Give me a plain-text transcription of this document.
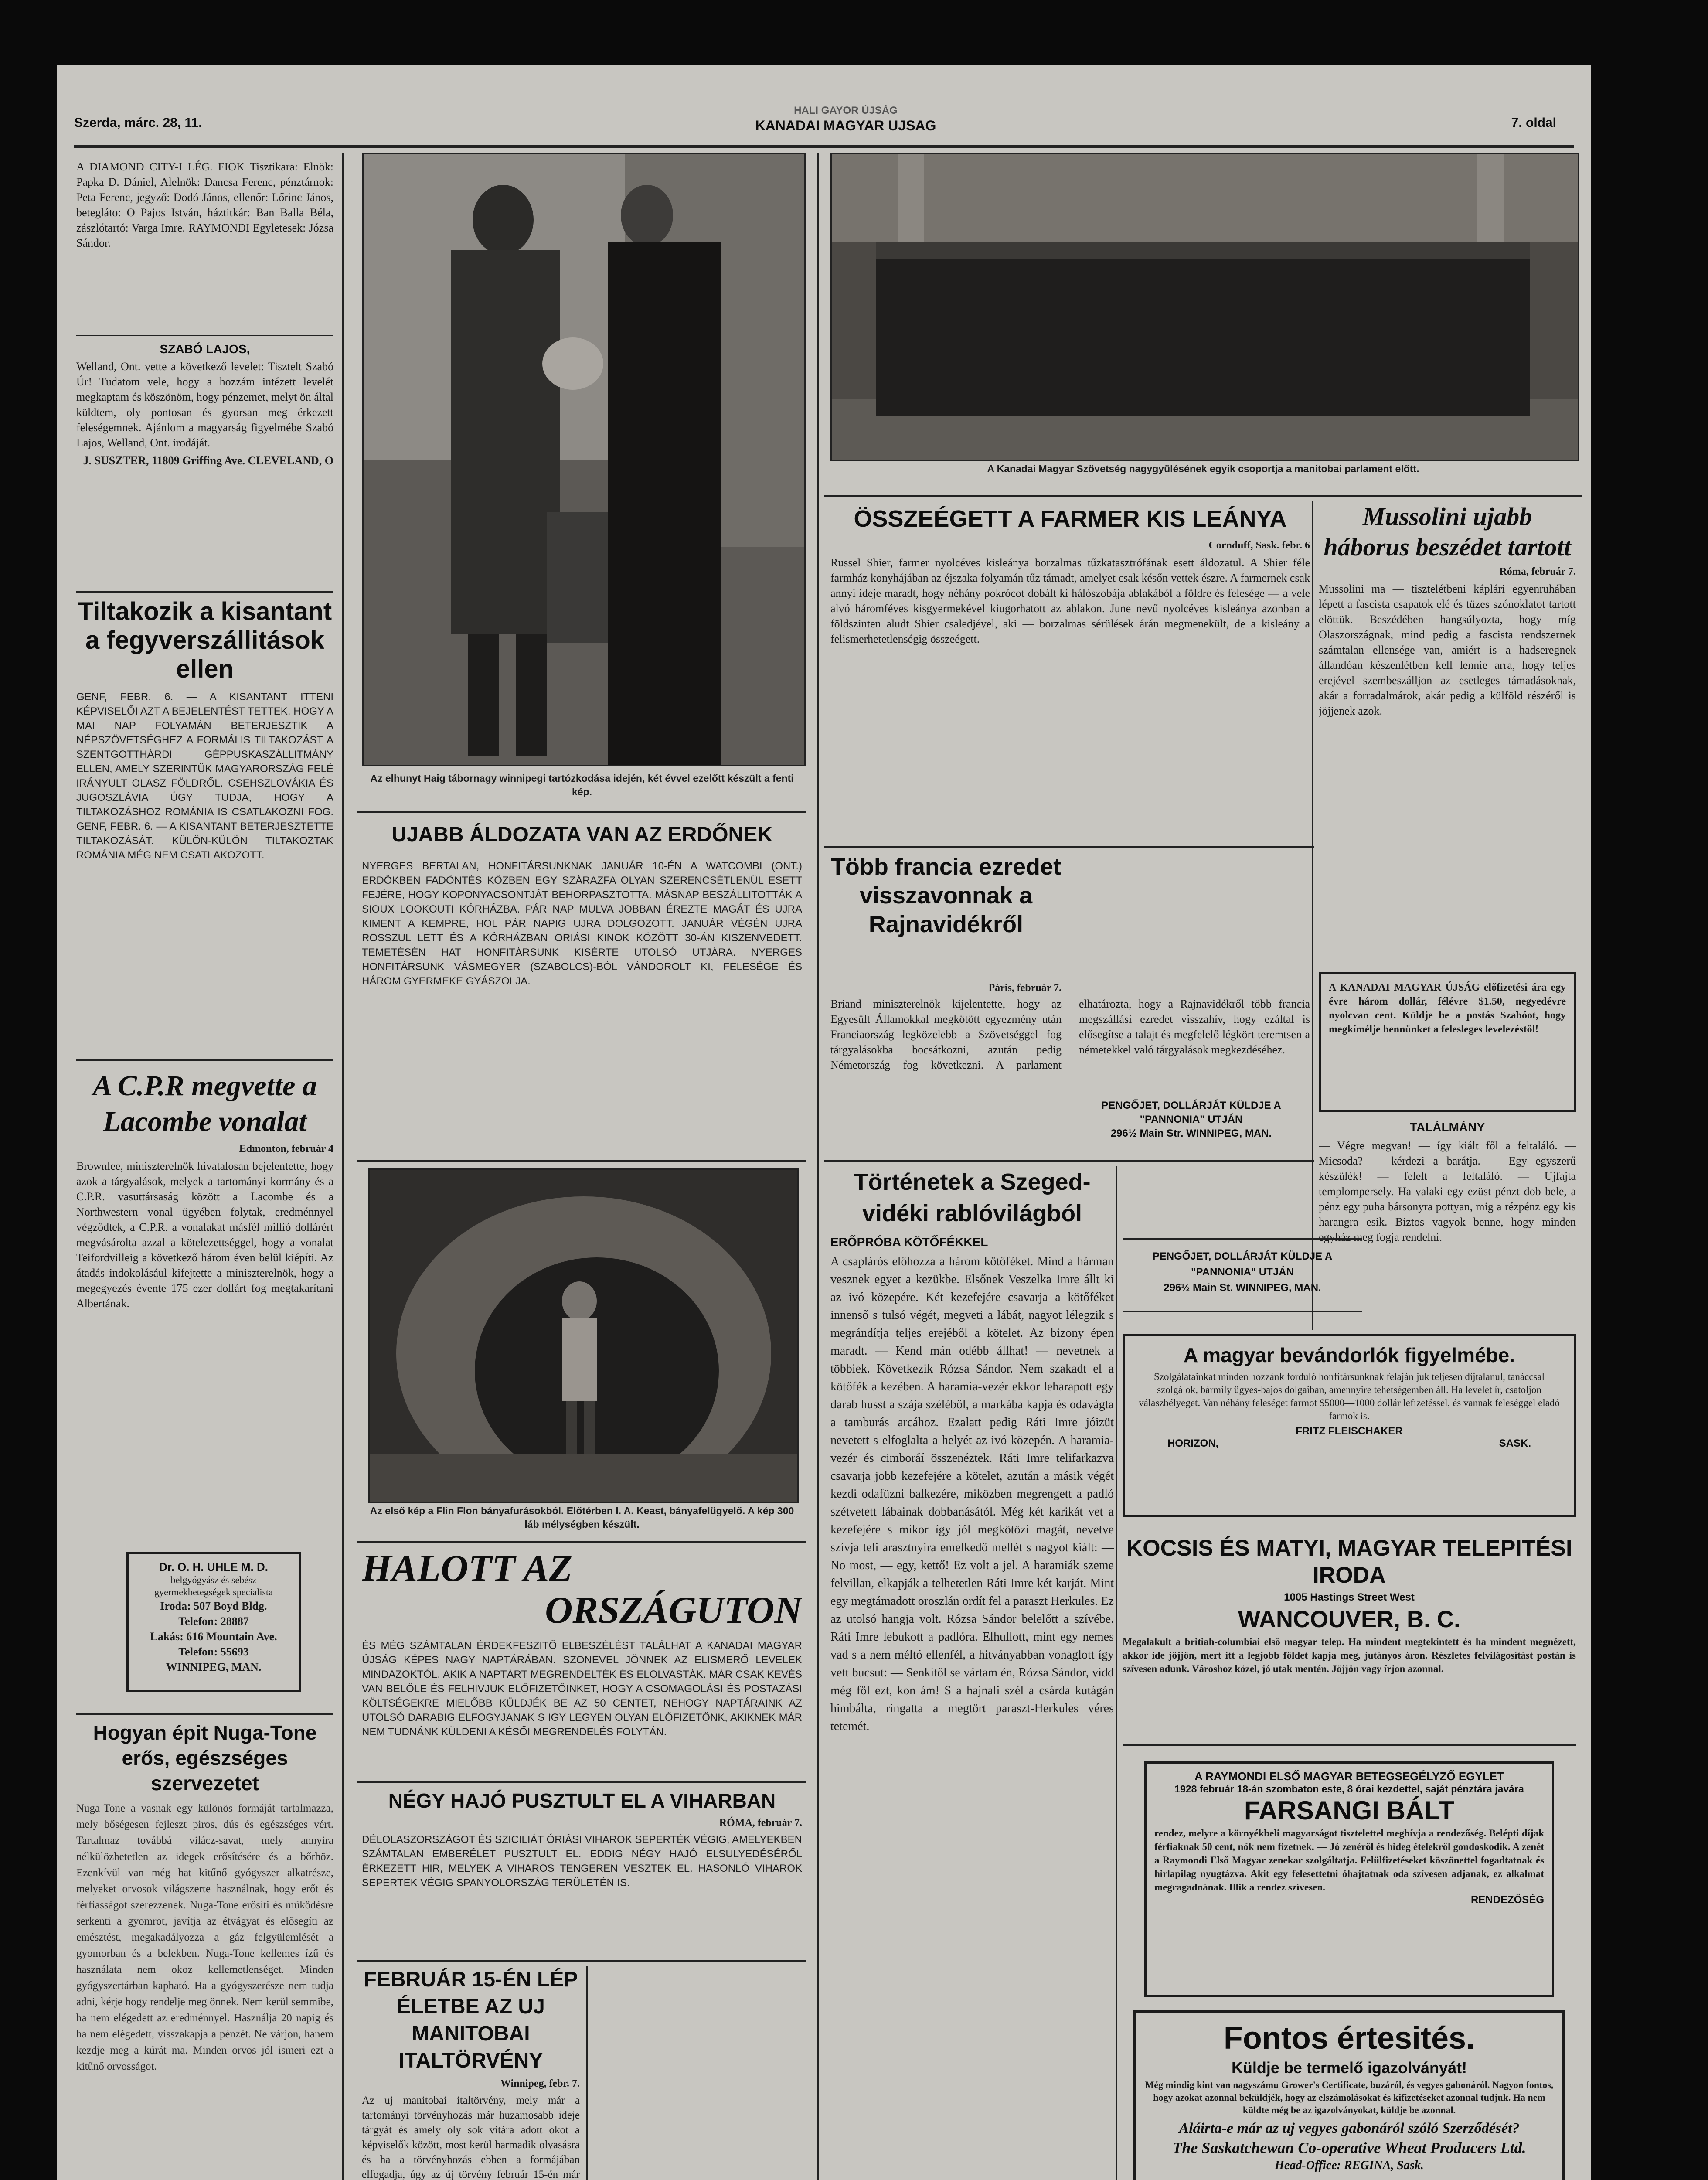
Szerda, márc. 28, 11.
HALI GAYOR ÚJSÁG
KANADAI MAGYAR UJSAG	7. oldal
A DIAMOND CITY-I LÉG. FIOK Tisztikara: Elnök: Papka D. Dániel, Alelnök: Dancsa Ferenc, pénztárnok: Peta Ferenc, jegyző: Dodó János, ellenőr: Lőrinc János, betegláto: O Pajos István, háztitkár: Ban Balla Béla, zászlótartó: Varga Imre. RAYMONDI Egyletesek: Józsa Sándor.
SZABÓ LAJOS,
Welland, Ont. vette a következő levelet: Tisztelt Szabó Úr! Tudatom vele, hogy a hozzám intézett levelét megkaptam és köszönöm, hogy pénzemet, melyt ön által küldtem, oly pontosan és gyorsan meg érkezett feleségemnek. Ajánlom a magyarság figyelmébe Szabó Lajos, Welland, Ont. irodáját.
J. SUSZTER, 11809 Griffing Ave. CLEVELAND, O
Tiltakozik a kisantant a fegyverszállitások ellen
GENF, FEBR. 6. — A KISANTANT ITTENI KÉPVISELŐI AZT A BEJELENTÉST TETTEK, HOGY A MAI NAP FOLYAMÁN BETERJESZTIK A NÉPSZÖVETSÉGHEZ A FORMÁLIS TILTAKOZÁST A SZENTGOTTHÁRDI GÉPPUSKASZÁLLITMÁNY ELLEN, AMELY SZERINTÜK MAGYARORSZÁG FELÉ IRÁNYULT OLASZ FÖLDRŐL. CSEHSZLOVÁKIA ÉS JUGOSZLÁVIA ÚGY TUDJA, HOGY A TILTAKOZÁSHOZ ROMÁNIA IS CSATLAKOZNI FOG. GENF, FEBR. 6. — A KISANTANT BETERJESZTETTE TILTAKOZÁSÁT. KÜLÖN-KÜLÖN TILTAKOZTAK ROMÁNIA MÉG NEM CSATLAKOZOTT.
A C.P.R megvette a Lacombe vonalat
Edmonton, február 4
Brownlee, miniszterelnök hivatalosan bejelentette, hogy azok a tárgyalások, melyek a tartományi kormány és a C.P.R. vasuttársaság között a Lacombe és a Northwestern vonal ügyében folytak, eredménnyel végződtek, a C.P.R. a vonalakat másfél millió dollárért megvásárolta azzal a kötelezettséggel, hogy a vonalat Teifordvilleig a következő három éven belül kiépíti. Az átadás indokolásául kifejtette a miniszterelnök, hogy a megegyezés évente 175 ezer dollárt fog megtakarítani Albertának.
Dr. O. H. UHLE M. D.
belgyógyász és sebész gyermekbetegségek specialista
Iroda: 507 Boyd Bldg.
Telefon: 28887
Lakás: 616 Mountain Ave.
Telefon: 55693
WINNIPEG, MAN.
Hogyan épit Nuga-Tone erős, egészséges szervezetet
Nuga-Tone a vasnak egy különös formáját tartalmazza, mely bőségesen fejleszt piros, dús és egészséges vért. Tartalmaz továbbá vilácz-savat, mely annyira nélkülözhetetlen az idegek erősítésére és a bőrhöz. Ezenkívül van még hat kitűnő gyógyszer alkatrésze, melyeket orvosok világszerte használnak, hogy erőt és férfiasságot szerezzenek. Nuga-Tone erősíti és működésre serkenti a gyomrot, javítja az étvágyat és elősegíti az emésztést, megakadályozza a gáz felgyülemlését a gyomorban és a belekben. Nuga-Tone kellemes ízű és használata nem okoz kellemetlenséget. Minden gyógyszertárban kapható. Ha a gyógyszerésze nem tudja adni, kérje hogy rendelje meg önnek. Nem kerül semmibe, ha nem elégedett az eredménnyel. Használja 20 napig és ha nem elégedett, visszakapja a pénzét. Ne várjon, hanem kezdje meg a kúrát ma. Minden orvos jól ismeri ezt a kitűnő orvosságot.
Az elhunyt Haig tábornagy winnipegi tartózkodása idején, két évvel ezelőtt készült a fenti kép.
UJABB ÁLDOZATA VAN AZ ERDŐNEK
NYERGES BERTALAN, HONFITÁRSUNKNAK JANUÁR 10-ÉN A WATCOMBI (ONT.) ERDŐKBEN FADÖNTÉS KÖZBEN EGY SZÁRAZFA OLYAN SZERENCSÉTLENÜL ESETT FEJÉRE, HOGY KOPONYACSONTJÁT BEHORPASZTOTTA. MÁSNAP BESZÁLLITOTTÁK A SIOUX LOOKOUTI KÓRHÁZBA. PÁR NAP MULVA JOBBAN ÉREZTE MAGÁT ÉS UJRA KIMENT A KEMPRE, HOL PÁR NAPIG UJRA DOLGOZOTT. JANUÁR VÉGÉN UJRA ROSSZUL LETT ÉS A KÓRHÁZBAN ORIÁSI KINOK KÖZÖTT 30-ÁN KISZENVEDETT. TEMETÉSÉN HAT HONFITÁRSUNK KISÉRTE UTOLSÓ UTJÁRA. NYERGES HONFITÁRSUNK VÁSMEGYER (SZABOLCS)-BÓL VÁNDOROLT KI, FELESÉGE ÉS HÁROM GYERMEKE GYÁSZOLJA.
Az első kép a Flin Flon bányafurásokból. Előtérben I. A. Keast, bányafelügyelő. A kép 300 láb mélységben készült.
HALOTT AZ
ORSZÁGUTON
ÉS MÉG SZÁMTALAN ÉRDEKFESZITŐ ELBESZÉLÉST TALÁLHAT A KANADAI MAGYAR ÚJSÁG KÉPES NAGY NAPTÁRÁBAN. SZONEVEL JÖNNEK AZ ELISMERŐ LEVELEK MINDAZOKTÓL, AKIK A NAPTÁRT MEGRENDELTÉK ÉS ELOLVASTÁK. MÁR CSAK KEVÉS VAN BELŐLE ÉS FELHIVJUK ELŐFIZETŐINKET, HOGY A CSOMAGOLÁSI ÉS POSTAZÁSI KÖLTSÉGEKRE MIELŐBB KÜLDJÉK BE AZ 50 CENTET, NEHOGY NAPTÁRAINK AZ UTOLSÓ DARABIG ELFOGYJANAK S IGY LEGYEN OLYAN ELŐFIZETŐNK, AKIKNEK MÁR NEM TUDNÁNK KÜLDENI A KÉSŐI MEGRENDELÉS FOLYTÁN.
NÉGY HAJÓ PUSZTULT EL A VIHARBAN
RÓMA, február 7.
DÉLOLASZORSZÁGOT ÉS SZICILIÁT ÓRIÁSI VIHAROK SEPERTÉK VÉGIG, AMELYEKBEN SZÁMTALAN EMBERÉLET PUSZTULT EL. EDDIG NÉGY HAJÓ ELSULYEDÉSÉRŐL ÉRKEZETT HIR, MELYEK A VIHAROS TENGEREN VESZTEK EL. HASONLÓ VIHAROK SEPERTEK VÉGIG SPANYOLORSZÁG TERÜLETÉN IS.
FEBRUÁR 15-ÉN LÉP ÉLETBE AZ UJ MANITOBAI ITALTÖRVÉNY
Winnipeg, febr. 7.
Az uj manitobai italtörvény, mely már a tartományi törvényhozás már huzamosabb ideje tárgyát és amely oly sok vitára adott okot a képviselők között, most kerül harmadik olvasásra és ha a törvényhozás ebben a formájában elfogadja, úgy az új törvény február 15-én már
A Kanadai Magyar Szövetség nagygyülésének egyik csoportja a manitobai parlament előtt.
ÖSSZEÉGETT A FARMER KIS LEÁNYA
Cornduff, Sask. febr. 6
Russel Shier, farmer nyolcéves kisleánya borzalmas tűzkatasztrófának esett áldozatul. A Shier féle farmház konyhájában az éjszaka folyamán tűz támadt, amelyet csak későn vettek észre. A farmernek csak annyi ideje maradt, hogy néhány pokrócot dobált ki hálószobája ablakából a földre és felesége — a vele alvó háromféves kisgyermekével kiugorhatott az ablakon. June nevű nyolcéves kisleánya azonban a földszinten aludt Shier csaledjével, aki — borzalmas sérülések árán megmenekült, de a kisleány a felismerhetetlenségig összeégett.
Mussolini ujabb háborus beszédet tartott
Róma, február 7.
Mussolini ma — tisztelétbeni káplári egyenruhában lépett a fascista csapatok elé és tüzes szónoklatot tartott elöttük. Beszédében hangsúlyozta, hogy míg Olaszországnak, mind pedig a fascista rendszernek számtalan ellensége van, amiért is a hadseregnek állandóan készenlétben kell lennie arra, hogy teljes erejével szembeszálljon az esetleges támadásoknak, akár a forradalmárok, akár pedig a külföld részéről is jöjjenek azok.
Több francia ezredet visszavonnak a Rajnavidékről
Páris, február 7.
Briand miniszterelnök kijelentette, hogy az Egyesült Államokkal megkötött egyezmény után Franciaország legközelebb a Szövetséggel fog tárgyalásokba bocsátkozni, azután pedig Németország fog következni. A parlament elhatározta, hogy a Rajnavidékről több francia megszállási ezredet visszahív, hogy ezáltal is elősegítse a talajt és megfelelő légkört teremtsen a németekkel való tárgyalások megkezdéséhez.
PENGŐJET, DOLLÁRJÁT KÜLDJE A "PANNONIA" UTJÁN
296½ Main Str. WINNIPEG, MAN.
A KANADAI MAGYAR ÚJSÁG előfizetési ára egy évre három dollár, félévre $1.50, negyedévre nyolcvan cent. Küldje be a postás Szabóot, hogy megkímélje bennünket a felesleges levelezéstől!
TALÁLMÁNY
— Végre megvan! — így kiált fől a feltaláló. — Micsoda? — kérdezi a barátja. — Egy egyszerű készülék! — felelt a feltaláló. — Ujfajta templompersely. Ha valaki egy ezüst pénzt dob bele, a pénz egy puha bársonyra pottyan, mig a rézpénz egy kis harangra esik. Biztos vagyok benne, hogy minden egyház meg fogja rendelni.
Történetek a Szeged-vidéki rablóvilágból
ERŐPRÓBA KÖTŐFÉKKEL
A csaplárós előhozza a három kötőféket. Mind a hárman vesznek egyet a kezükbe. Elsőnek Veszelka Imre állt ki az ivó közepére. Két kezefejére csavarja a kötőféket innenső s tulsó végét, megveti a lábát, nagyot lélegzik s megrándítja teljes erejéből a kötelet. Az bizony épen maradt. — Kend mán odébb állhat! — nevetnek a többiek. Következik Rózsa Sándor. Nem szakadt el a kötőfék a kezében. A haramia-vezér ekkor leharapott egy darab husst a szája széléből, a markába kapja és odavágta a tamburás arcához. Ezalatt pedig Ráti Imre jóizüt nevetett s elfoglalta a helyét az ivó közepén. A haramia-vezér és cimboráí összenéztek. Ráti Imre telifarkazva csavarja jobb kezefejére a kötelet, azután a másik végét kezdi odafüzni balkezére, miközben megrengett a padló szétvetett lábainak dobbanásától. Még két karikát vet a kezefejére s mikor így jól megkötözi magát, nevetve szívja teli arasztnyira emelkedő mellét s nagyot kiált: — No most, — egy, kettő! Ez volt a jel. A haramiák szeme felvillan, elkapják a telhetetlen Ráti Imre két karját. Mint egy megtámadott oroszlán ordít fel a paraszt Herkules. Ez az utolsó hangja volt. Rózsa Sándor belelőtt a szívébe. Ráti Imre lebukott a padlóra. Elhullott, mint egy nemes vad s a nem méltó ellenfél, a hitványabban vonaglott így vett bucsut: — Senkitől se vártam én, Rózsa Sándor, vidd még föl ezt, kon ám! S a hajnali szél a csárda kutágán himbálta, ringatta a megtört paraszt-Herkules véres tetemét.
PENGŐJET, DOLLÁRJÁT KÜLDJE A "PANNONIA" UTJÁN
296½ Main St. WINNIPEG, MAN.
A magyar bevándorlók figyelmébe.
Szolgálatainkat minden hozzánk forduló honfitársunknak felajánljuk teljesen díjtalanul, tanáccsal szolgálok, bármily ügyes-bajos dolgaiban, amennyire tehetségemben áll. Ha levelet ír, csatoljon válaszbélyeget. Van néhány feleséget farmot $5000—1000 dollár lefizetéssel, és vannak feleséggel eladó farmok is.
FRITZ FLEISCHAKER
HORIZON,	SASK.
KOCSIS ÉS MATYI, MAGYAR TELEPITÉSI IRODA
1005 Hastings Street West
WANCOUVER, B. C.
Megalakult a britiah-columbiai első magyar telep. Ha mindent megtekintett és ha mindent megnézett, akkor ide jöjjön, mert itt a legjobb földet kapja meg, jutányos áron. Részletes felvilágosítást postán is szívesen adunk. Városhoz közel, jó utak mentén. Jöjjön vagy írjon azonnal.
A RAYMONDI ELSŐ MAGYAR BETEGSEGÉLYZŐ EGYLET
1928 február 18-án szombaton este, 8 órai kezdettel, saját pénztára javára
FARSANGI BÁLT
rendez, melyre a környékbeli magyarságot tisztelettel meghívja a rendezőség. Belépti díjak férfiaknak 50 cent, nők nem fizetnek. — Jó zenéről és hideg ételekről gondoskodik. A zenét a Raymondi Első Magyar zenekar szolgáltatja. Felülfizetéseket köszönettel fogadtatnak és hirlapilag nyugtázva. Akit egy felesettetni óhajtatnak oda szívesen adjanak, ez alkalmat megragadnának. Illik a rendez szívesen.
RENDEZŐSÉG
Fontos értesités.
Küldje be termelő igazolványát!
Még mindig kint van nagyszámu Grower's Certificate, buzáról, és vegyes gabonáról. Nagyon fontos, hogy azokat azonnal beküldjék, hogy az elszámolásokat és kifizetéseket azonnal tudjuk. Ha nem küldte még be az igazolványokat, küldje be azonnal.
Aláirta-e már az uj vegyes gabonáról szóló Szerződését?
The Saskatchewan Co-operative Wheat Producers Ltd.
Head-Office: REGINA, Sask.
